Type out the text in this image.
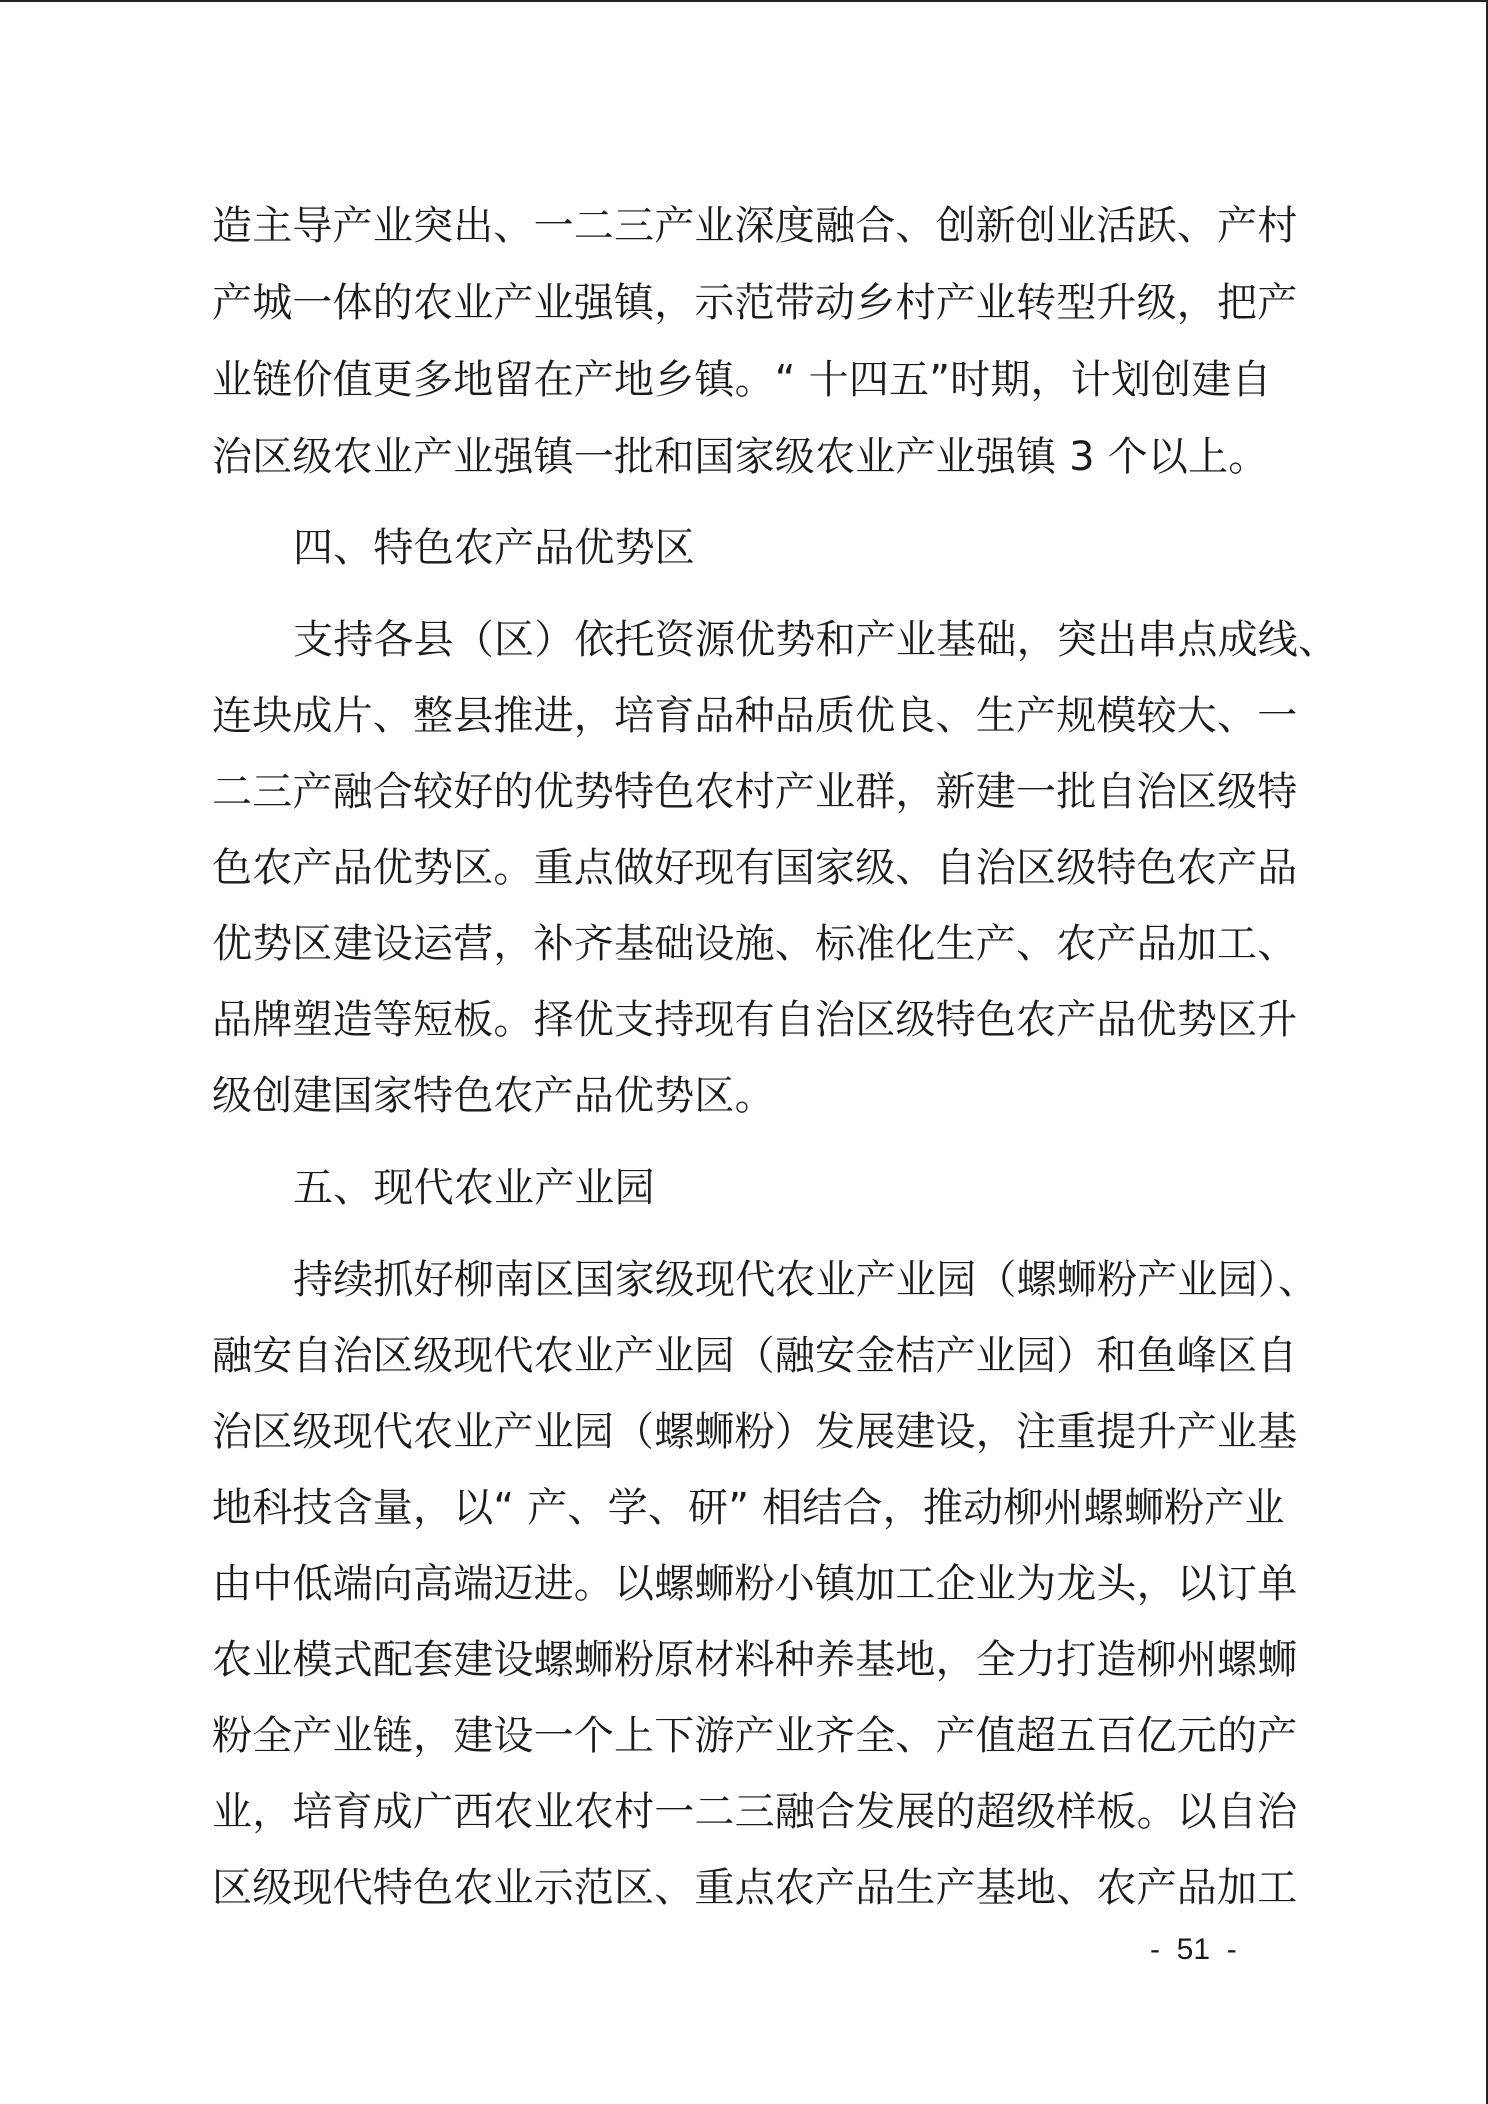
造主导产业突出、一二三产业深度融合、创新创业活跃、产村
产城一体的农业产业强镇，示范带动乡村产业转型升级，把产
业链价值更多地留在产地乡镇。“ 十四五”时期，计划创建自
治区级农业产业强镇一批和国家级农业产业强镇 3 个以上。
四、特色农产品优势区
支持各县（区）依托资源优势和产业基础，突出串点成线、
连块成片、整县推进，培育品种品质优良、生产规模较大、一
二三产融合较好的优势特色农村产业群，新建一批自治区级特
色农产品优势区。重点做好现有国家级、自治区级特色农产品
优势区建设运营，补齐基础设施、标准化生产、农产品加工、
品牌塑造等短板。择优支持现有自治区级特色农产品优势区升
级创建国家特色农产品优势区。
五、现代农业产业园
持续抓好柳南区国家级现代农业产业园（螺蛳粉产业园）、
融安自治区级现代农业产业园（融安金桔产业园）和鱼峰区自
治区级现代农业产业园（螺蛳粉）发展建设，注重提升产业基
地科技含量，以“ 产、学、研” 相结合，推动柳州螺蛳粉产业
由中低端向高端迈进。以螺蛳粉小镇加工企业为龙头，以订单
农业模式配套建设螺蛳粉原材料种养基地，全力打造柳州螺蛳
粉全产业链，建设一个上下游产业齐全、产值超五百亿元的产
业，培育成广西农业农村一二三融合发展的超级样板。以自治
区级现代特色农业示范区、重点农产品生产基地、农产品加工
-  51  -
